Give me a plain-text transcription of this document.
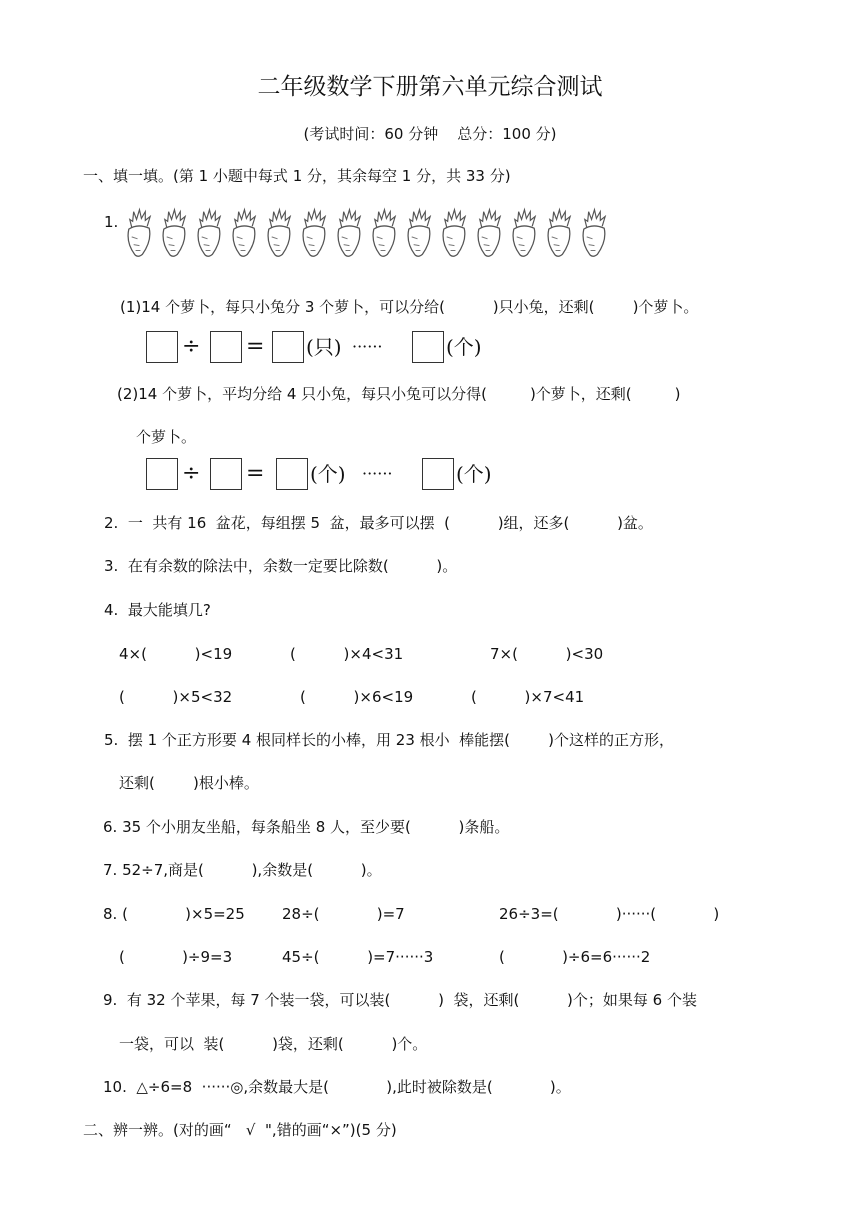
二年级数学下册第六单元综合测试
(考试时间：60 分钟    总分：100 分)
一、填一填。(第 1 小题中每式 1 分，其余每空 1 分，共 33 分)
1.
(1)14 个萝卜，每只小兔分 3 个萝卜，可以分给(          )只小兔，还剩(        )个萝卜。
÷ = (只) ······	(个)
(2)14 个萝卜，平均分给 4 只小兔，每只小兔可以分得(         )个萝卜，还剩(         )
个萝卜。
÷ = (个) ······	(个)
2.  一  共有 16  盆花，每组摆 5  盆，最多可以摆  (          )组，还多(          )盆。
3.  在有余数的除法中，余数一定要比除数(          )。
4.  最大能填几?
4×(          )<19	(          )×4<31	7×(          )<30
(          )×5<32	(          )×6<19	(          )×7<41
5.  摆 1 个正方形要 4 根同样长的小棒，用 23 根小  棒能摆(        )个这样的正方形，
还剩(        )根小棒。
6. 35 个小朋友坐船，每条船坐 8 人，至少要(          )条船。
7. 52÷7,商是(          ),余数是(          )。
8. (            )×5=25 28÷(            )=7	26÷3=(            )······(            )
(            )÷9=3	45÷(          )=7······3	(            )÷6=6······2
9.  有 32 个苹果，每 7 个装一袋，可以装(          )  袋，还剩(          )个；如果每 6 个装
一袋，可以  装(          )袋，还剩(          )个。
10.  △÷6=8  ······◎,余数最大是(            ),此时被除数是(            )。
二、辨一辨。(对的画“   √  ",错的画“×”)(5 分)
